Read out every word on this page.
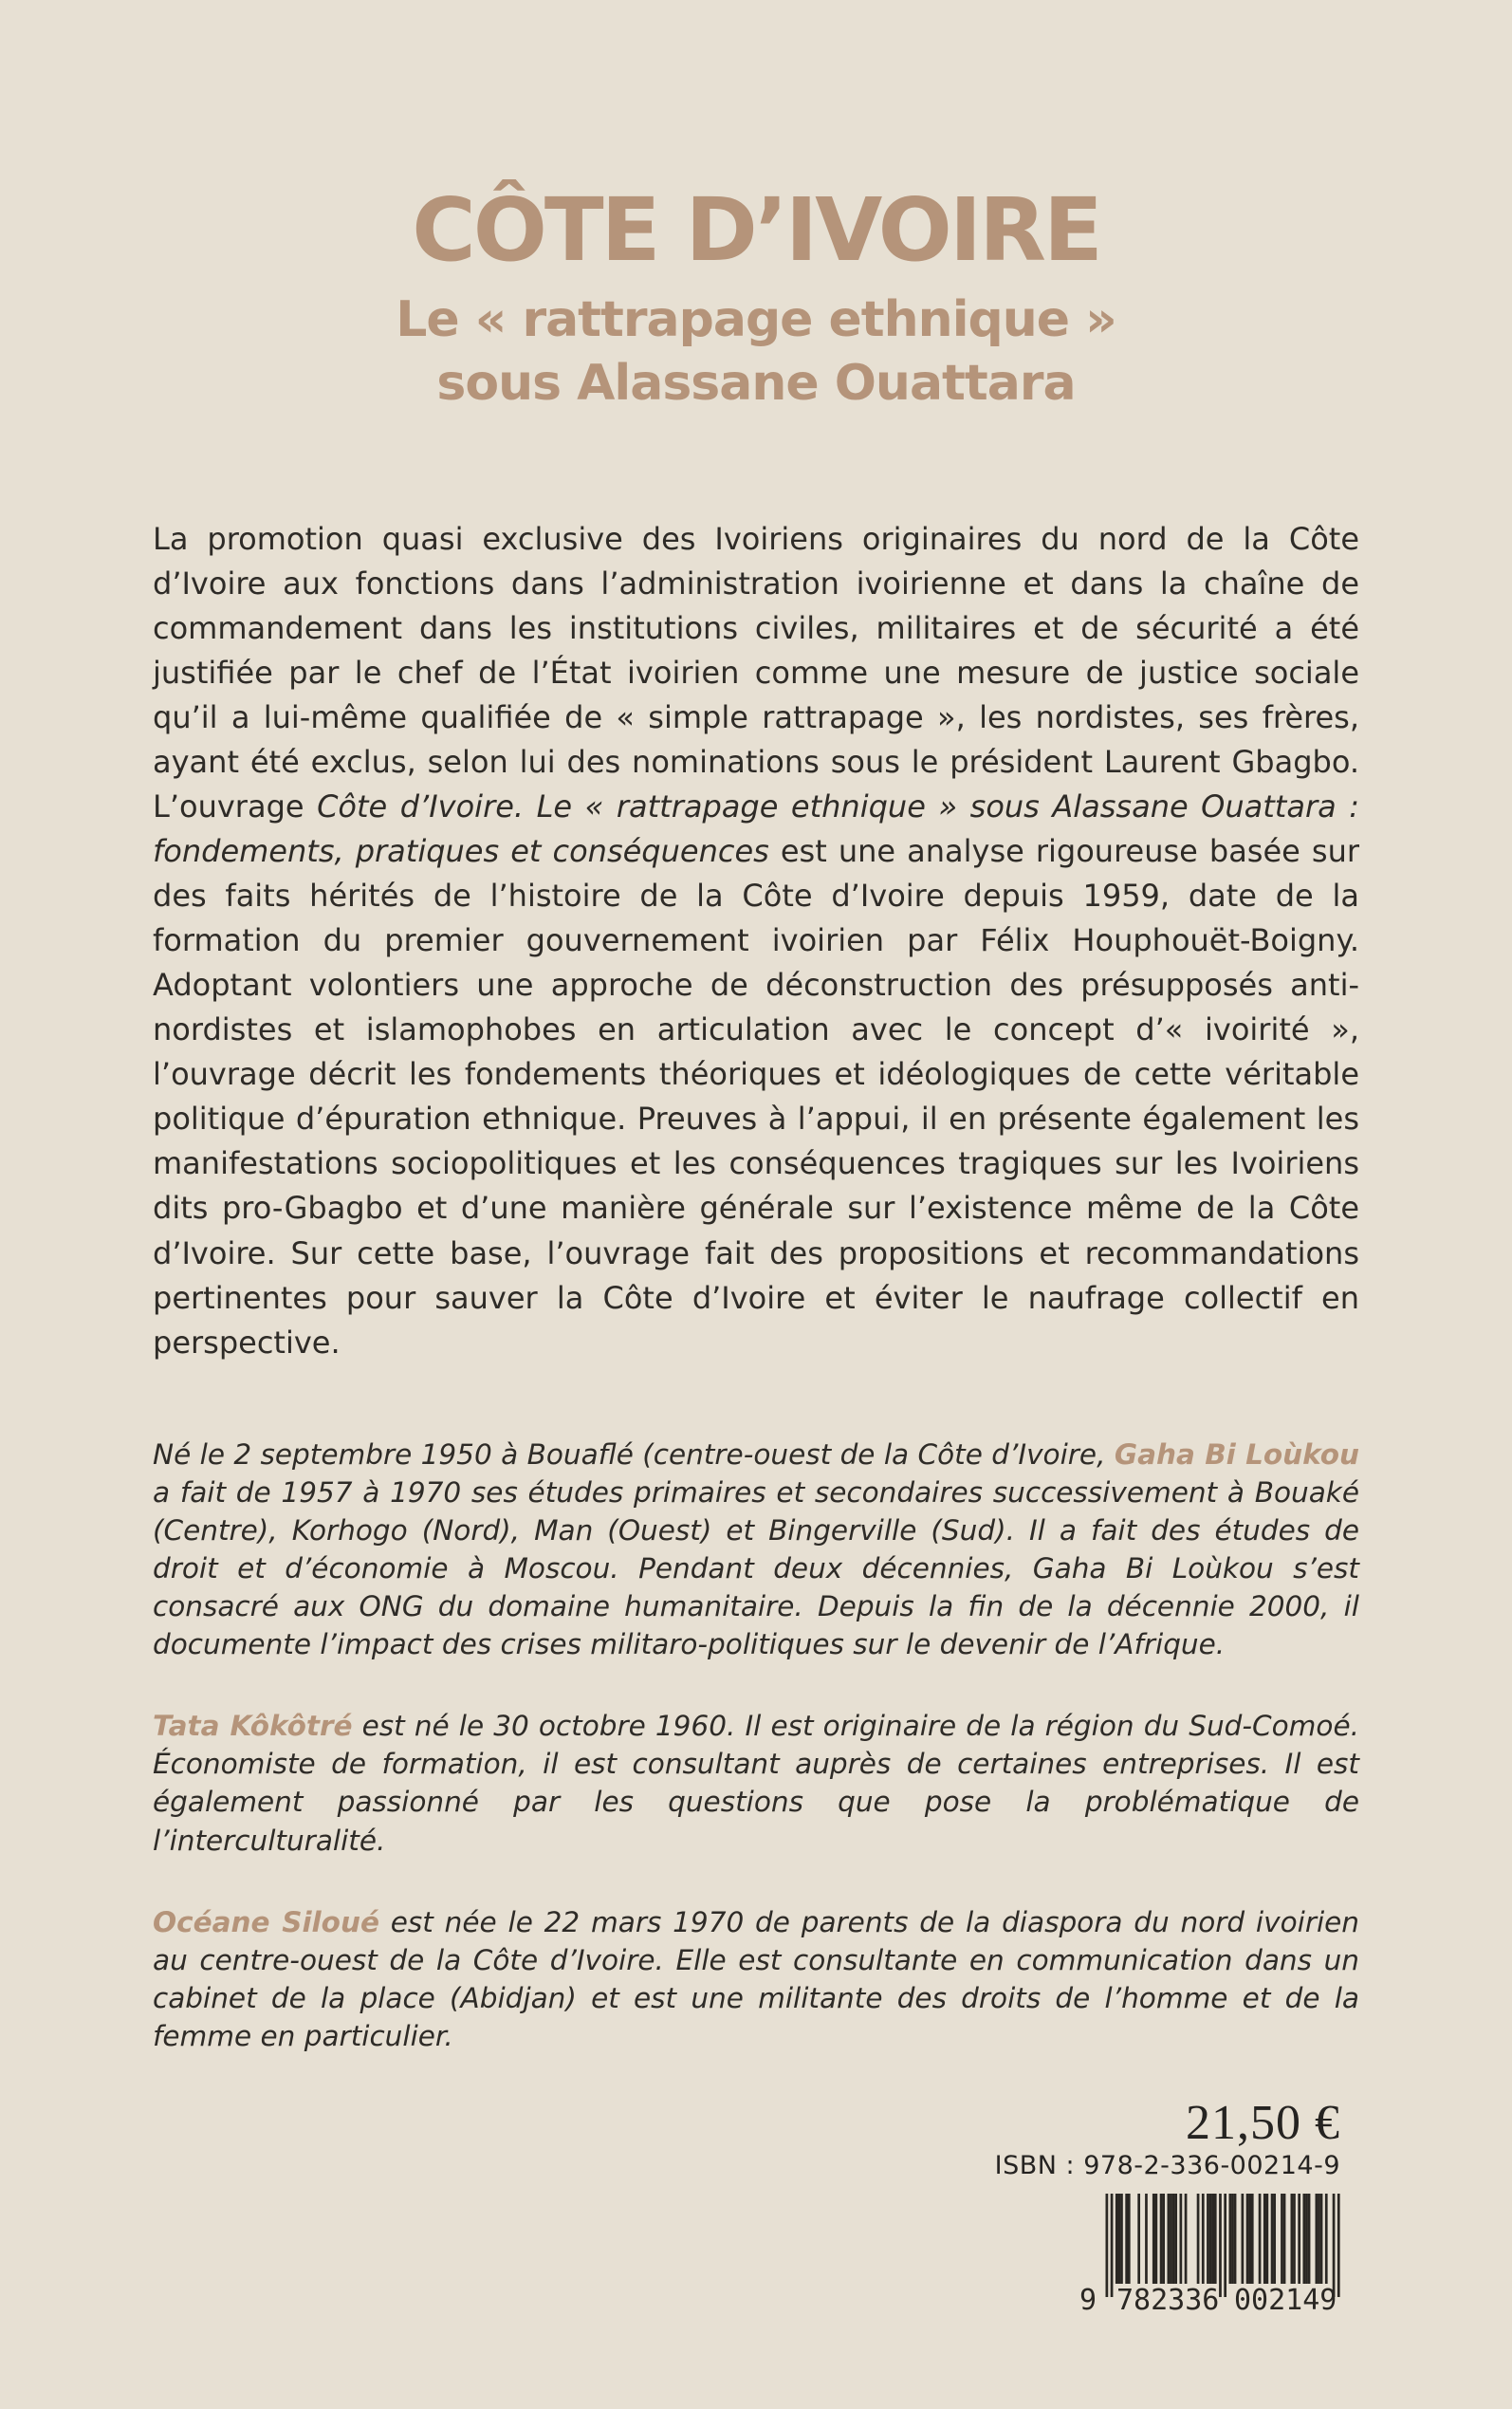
CÔTE D’IVOIRE
Le « rattrapage ethnique »
sous Alassane Ouattara

La promotion quasi exclusive des Ivoiriens originaires du nord de la Côte d’Ivoire aux fonctions dans l’administration ivoirienne et dans la chaîne de commandement dans les institutions civiles, militaires et de sécurité a été justifiée par le chef de l’État ivoirien comme une mesure de justice sociale qu’il a lui-même qualifiée de « simple rattrapage », les nordistes, ses frères, ayant été exclus, selon lui des nominations sous le président Laurent Gbagbo. L’ouvrage Côte d’Ivoire. Le « rattrapage ethnique » sous Alassane Ouattara : fondements, pratiques et conséquences est une analyse rigoureuse basée sur des faits hérités de l’histoire de la Côte d’Ivoire depuis 1959, date de la formation du premier gouvernement ivoirien par Félix Houphouët-Boigny. Adoptant volontiers une approche de déconstruction des présupposés anti-nordistes et islamophobes en articulation avec le concept d’« ivoirité », l’ouvrage décrit les fondements théoriques et idéologiques de cette véritable politique d’épuration ethnique. Preuves à l’appui, il en présente également les manifestations sociopolitiques et les conséquences tragiques sur les Ivoiriens dits pro-Gbagbo et d’une manière générale sur l’existence même de la Côte d’Ivoire. Sur cette base, l’ouvrage fait des propositions et recommandations pertinentes pour sauver la Côte d’Ivoire et éviter le naufrage collectif en perspective.

Né le 2 septembre 1950 à Bouaflé (centre-ouest de la Côte d’Ivoire, Gaha Bi Loùkou a fait de 1957 à 1970 ses études primaires et secondaires successivement à Bouaké (Centre), Korhogo (Nord), Man (Ouest) et Bingerville (Sud). Il a fait des études de droit et d’économie à Moscou. Pendant deux décennies, Gaha Bi Loùkou s’est consacré aux ONG du domaine humanitaire. Depuis la fin de la décennie 2000, il documente l’impact des crises militaro-politiques sur le devenir de l’Afrique.

Tata Kôkôtré est né le 30 octobre 1960. Il est originaire de la région du Sud-Comoé. Économiste de formation, il est consultant auprès de certaines entreprises. Il est également passionné par les questions que pose la problématique de l’interculturalité.

Océane Siloué est née le 22 mars 1970 de parents de la diaspora du nord ivoirien au centre-ouest de la Côte d’Ivoire. Elle est consultante en communication dans un cabinet de la place (Abidjan) et est une militante des droits de l’homme et de la femme en particulier.

21,50 €
ISBN : 978-2-336-00214-9
9 782336 002149
